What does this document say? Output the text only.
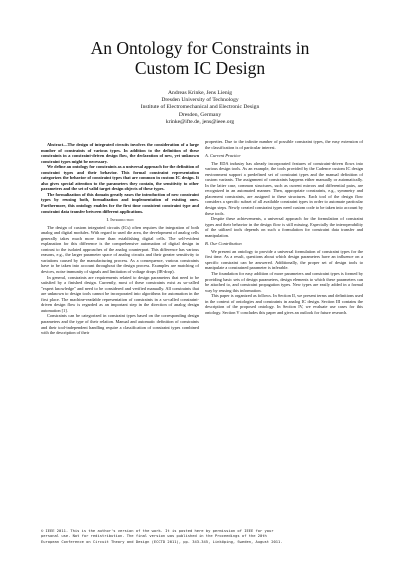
An Ontology for Constraints in
Custom IC Design
Andreas Krinke, Jens Lienig
Dresden University of Technology
Institute of Electromechanical and Electronic Design
Dresden, Germany
krinke@ifte.de, jens@ieee.org

Abstract—The design of integrated circuits involves the consideration of a large number of constraints of various types. In addition to the definition of these constraints in a constraint-driven design flow, the declaration of new, yet unknown constraint types might be necessary.

We define an ontology for constraints as a universal approach for the definition of constraint types and their behavior. This formal constraint representation categorizes the behavior of constraint types that are common in custom IC design. It also gives special attention to the parameters they contain, the sensitivity to other parameters and the set of valid target design objects of these types.

The formalization of this domain greatly eases the introduction of new constraint types by reusing both, formalization and implementation of existing ones. Furthermore, this ontology enables for the first time consistent constraint type and constraint data transfer between different applications.

I. Introduction

The design of custom integrated circuits (ICs) often requires the integration of both analog and digital modules. With regard to used die area, the development of analog cells generally takes much more time than establishing digital cells. The self-evident explanation for this difference is the comprehensive automation of digital design in contrast to the isolated approaches of the analog counterpart. This difference has various reasons, e.g., the larger parameter space of analog circuits and their greater sensitivity to variations caused by the manufacturing process. As a consequence, various constraints have to be taken into account throughout the design process. Examples are matching of devices, noise immunity of signals and limitation of voltage drops (IR-drop).

In general, constraints are requirements related to design parameters that need to be satisfied by a finished design. Currently, most of these constraints exist as so-called "expert knowledge" and need to be considered and verified manually. All constraints that are unknown to design tools cannot be incorporated into algorithms for automation in the first place. The machine-readable representation of constraints in a so-called constraint-driven design flow is regarded as an important step in the direction of analog design automation [1].

Constraints can be categorized in constraint types based on the corresponding design parameters and the type of their relation. Manual and automatic definition of constraints and their tool-independent handling require a classification of constraint types combined with the description of their

properties. Due to the infinite number of possible constraint types, the easy extension of the classification is of particular interest.

A. Current Practice

The EDA industry has already incorporated features of constraint-driven flows into various design tools. As an example, the tools provided by the Cadence custom IC design environment support a predefined set of constraint types and the manual definition of custom variants. The assignment of constraints happens either manually or automatically. In the latter case, common structures, such as current mirrors and differential pairs, are recognized in an automated manner. Then, appropriate constraints, e.g., symmetry and placement constraints, are assigned to these structures. Each tool of the design flow considers a specific subset of all available constraint types in order to automate particular design steps. Newly created constraint types need custom code to be taken into account by these tools.

Despite these achievements, a universal approach for the formulation of constraint types and their behavior in the design flow is still missing. Especially the interoperability of the utilized tools depends on such a formulation for constraint data transfer and manipulation.

B. Our Contribution

We present an ontology to provide a universal formulation of constraint types for the first time. As a result, questions about which design parameters have an influence on a specific constraint can be answered. Additionally, the proper set of design tools to manipulate a constrained parameter is inferable.

The foundation for easy addition of more parameters and constraint types is formed by providing basic sets of design parameters, design elements to which these parameters can be attached to, and constraint propagation types. New types are easily added in a formal way by reusing this information.

This paper is organized as follows. In Section II, we present terms and definitions used in the context of ontologies and constraints in analog IC design. Section III contains the description of the proposed ontology. In Section IV, we evaluate use cases for this ontology. Section V concludes this paper and gives an outlook for future research.

© IEEE 2011. This is the author's version of the work. It is posted here by permission of IEEE for your
personal use. Not for redistribution. The final version was published in the Proceedings of the 20th
European Conference on Circuit Theory and Design (ECCTD 2011), pp. 343-345, Linköping, Sweden, August 2011.
